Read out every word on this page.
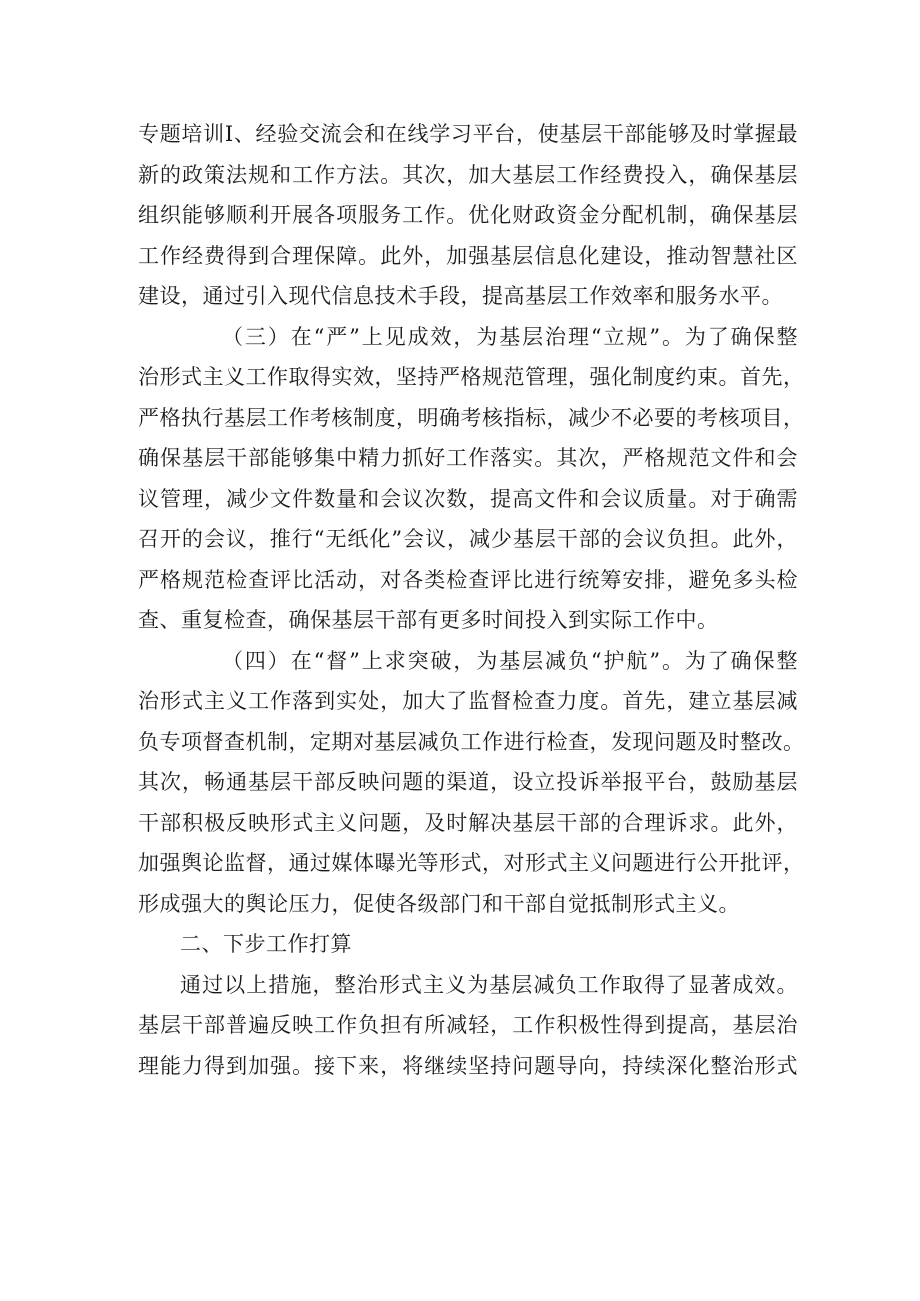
专题培训I、经验交流会和在线学习平台，使基层干部能够及时掌握最
新的政策法规和工作方法。其次，加大基层工作经费投入，确保基层
组织能够顺利开展各项服务工作。优化财政资金分配机制，确保基层
工作经费得到合理保障。此外，加强基层信息化建设，推动智慧社区
建设，通过引入现代信息技术手段，提高基层工作效率和服务水平。
（三）在“严”上见成效，为基层治理“立规”。为了确保整
治形式主义工作取得实效，坚持严格规范管理，强化制度约束。首先，
严格执行基层工作考核制度，明确考核指标，减少不必要的考核项目，
确保基层干部能够集中精力抓好工作落实。其次，严格规范文件和会
议管理，减少文件数量和会议次数，提高文件和会议质量。对于确需
召开的会议，推行“无纸化”会议，减少基层干部的会议负担。此外，
严格规范检查评比活动，对各类检查评比进行统筹安排，避免多头检
查、重复检查，确保基层干部有更多时间投入到实际工作中。
（四）在“督”上求突破，为基层减负“护航”。为了确保整
治形式主义工作落到实处，加大了监督检查力度。首先，建立基层减
负专项督查机制，定期对基层减负工作进行检查，发现问题及时整改。
其次，畅通基层干部反映问题的渠道，设立投诉举报平台，鼓励基层
干部积极反映形式主义问题，及时解决基层干部的合理诉求。此外，
加强舆论监督，通过媒体曝光等形式，对形式主义问题进行公开批评，
形成强大的舆论压力，促使各级部门和干部自觉抵制形式主义。
二、下步工作打算
通过以上措施，整治形式主义为基层减负工作取得了显著成效。
基层干部普遍反映工作负担有所减轻，工作积极性得到提高，基层治
理能力得到加强。接下来，将继续坚持问题导向，持续深化整治形式
